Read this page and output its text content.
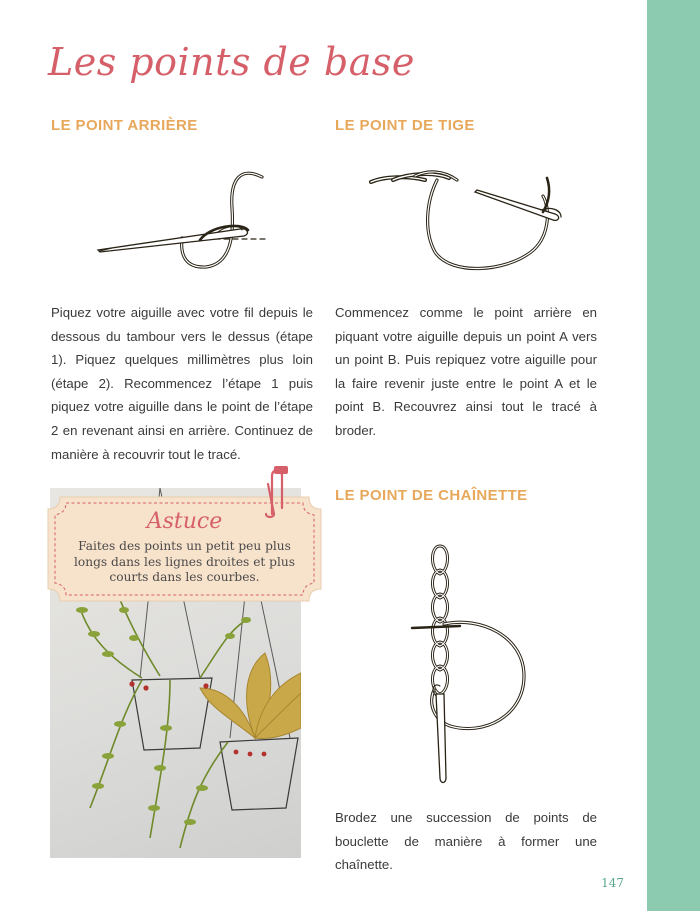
Les points de base
LE POINT ARRIÈRE

Piquez votre aiguille avec votre fil depuis le dessous du tambour vers le dessus (étape 1). Piquez quelques millimètres plus loin (étape 2). Recommencez l’étape 1 puis piquez votre aiguille dans le point de l’étape 2 en revenant ainsi en arrière. Continuez de manière à recouvrir tout le tracé.

LE POINT DE TIGE

Commencez comme le point arrière en piquant votre aiguille depuis un point A vers un point B. Puis repiquez votre aiguille pour la faire revenir juste entre le point A et le point B. Recouvrez ainsi tout le tracé à broder.

Astuce
Faites des points un petit peu plus longs dans les lignes droites et plus courts dans les courbes.
LE POINT DE CHAÎNETTE

Brodez une succession de points de bouclette de manière à former une chaînette.

147
